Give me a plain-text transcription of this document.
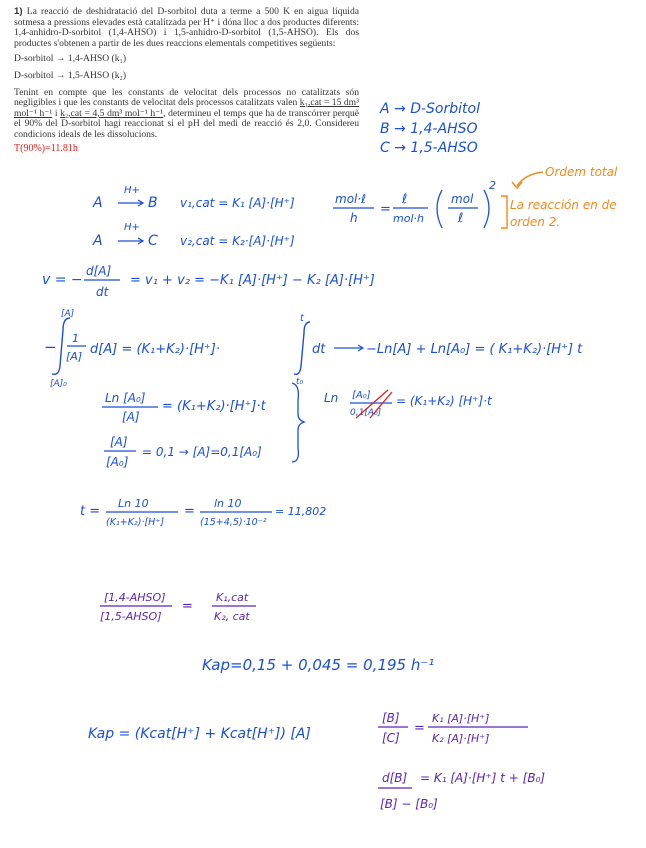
1) La reacció de deshidratació del D-sorbitol duta a terme a 500 K en aigua líquida sotmesa a pressions elevades està catalitzada per H⁺ i dóna lloc a dos productes diferents: 1,4-anhidro-D-sorbitol (1,4-AHSO) i 1,5-anhidro-D-sorbitol (1,5-AHSO). Els dos productes s'obtenen a partir de les dues reaccions elementals competitives següents:

D-sorbitol → 1,4-AHSO (k₁)
D-sorbitol → 1,5-AHSO (k₂)

Tenint en compte que les constants de velocitat dels processos no catalitzats són negligibles i que les constants de velocitat dels processos catalitzats valen k₁,cat = 15 dm³ mol⁻¹ h⁻¹ i k₂,cat = 4,5 dm³ mol⁻¹ h⁻¹, determineu el temps que ha de transcórrer perquè el 90% del D-sorbitol hagi reaccionat si el pH del medi de reacció és 2,0. Considereu condicions ideals de les dissolucions.

T(90%)=11.81h
A → D-Sorbitol
B → 1,4-AHSO
C → 1,5-AHSO
Ordem total
La reacción en de
orden 2.
A
H+
B v₁,cat = K₁ [A]·[H⁺]
A
H+
C v₂,cat = K₂·[A]·[H⁺]
mol·ℓ
h
=
ℓ
mol·h
mol
ℓ
2
v = −
d[A]
dt
= v₁ + v₂ = −K₁ [A]·[H⁺] − K₂ [A]·[H⁺]
−
[A]
[A]₀
1
[A] d[A] = (K₁+K₂)·[H⁺]·
t
t₀
dt	−Ln[A] + Ln[A₀] = ( K₁+K₂)·[H⁺] t
Ln [A₀]
[A]
= (K₁+K₂)·[H⁺]·t
Ln [A₀]
0,1[A₀]
= (K₁+K₂) [H⁺]·t
[A]
[A₀]
= 0,1 → [A]=0,1[A₀]
t =
Ln 10
(K₁+K₂)·[H⁺]
=
ln 10
(15+4,5)·10⁻²
= 11,802
[1,4-AHSO]
[1,5-AHSO]
=
K₁,cat
K₂, cat
Kap=0,15 + 0,045 = 0,195 h⁻¹
Kap = (Kcat[H⁺] + Kcat[H⁺]) [A]
[B]
[C]
=
K₁ [A]·[H⁺]
K₂ [A]·[H⁺]
d[B] = K₁ [A]·[H⁺] t + [B₀]
[B] − [B₀]
